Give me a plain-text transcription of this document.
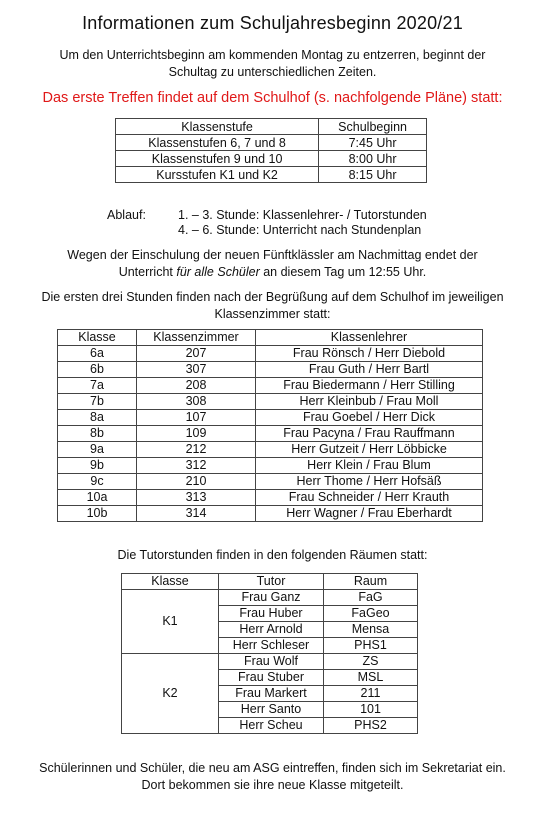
Informationen zum Schuljahresbeginn 2020/21
Um den Unterrichtsbeginn am kommenden Montag zu entzerren, beginnt der
Schultag zu unterschiedlichen Zeiten.
Das erste Treffen findet auf dem Schulhof (s. nachfolgende Pläne) statt:
Klassenstufe	Schulbeginn
Klassenstufen 6, 7 und 8	7:45 Uhr
Klassenstufen 9 und 10	8:00 Uhr
Kursstufen K1 und K2	8:15 Uhr
Ablauf:	1. – 3. Stunde: Klassenlehrer- / Tutorstunden
4. – 6. Stunde: Unterricht nach Stundenplan
Wegen der Einschulung der neuen Fünftklässler am Nachmittag endet der
Unterricht für alle Schüler an diesem Tag um 12:55 Uhr.
Die ersten drei Stunden finden nach der Begrüßung auf dem Schulhof im jeweiligen
Klassenzimmer statt:
Klasse	Klassenzimmer	Klassenlehrer
6a	207	Frau Rönsch / Herr Diebold
6b	307	Frau Guth / Herr Bartl
7a	208	Frau Biedermann / Herr Stilling
7b	308	Herr Kleinbub / Frau Moll
8a	107	Frau Goebel / Herr Dick
8b	109	Frau Pacyna / Frau Rauffmann
9a	212	Herr Gutzeit / Herr Löbbicke
9b	312	Herr Klein / Frau Blum
9c	210	Herr Thome / Herr Hofsäß
10a	313	Frau Schneider / Herr Krauth
10b	314	Herr Wagner / Frau Eberhardt
Die Tutorstunden finden in den folgenden Räumen statt:
Klasse	Tutor	Raum
K1	Frau Ganz	FaG
	Frau Huber	FaGeo
	Herr Arnold	Mensa
	Herr Schleser	PHS1
K2	Frau Wolf	ZS
	Frau Stuber	MSL
	Frau Markert	211
	Herr Santo	101
	Herr Scheu	PHS2
Schülerinnen und Schüler, die neu am ASG eintreffen, finden sich im Sekretariat ein.
Dort bekommen sie ihre neue Klasse mitgeteilt.
